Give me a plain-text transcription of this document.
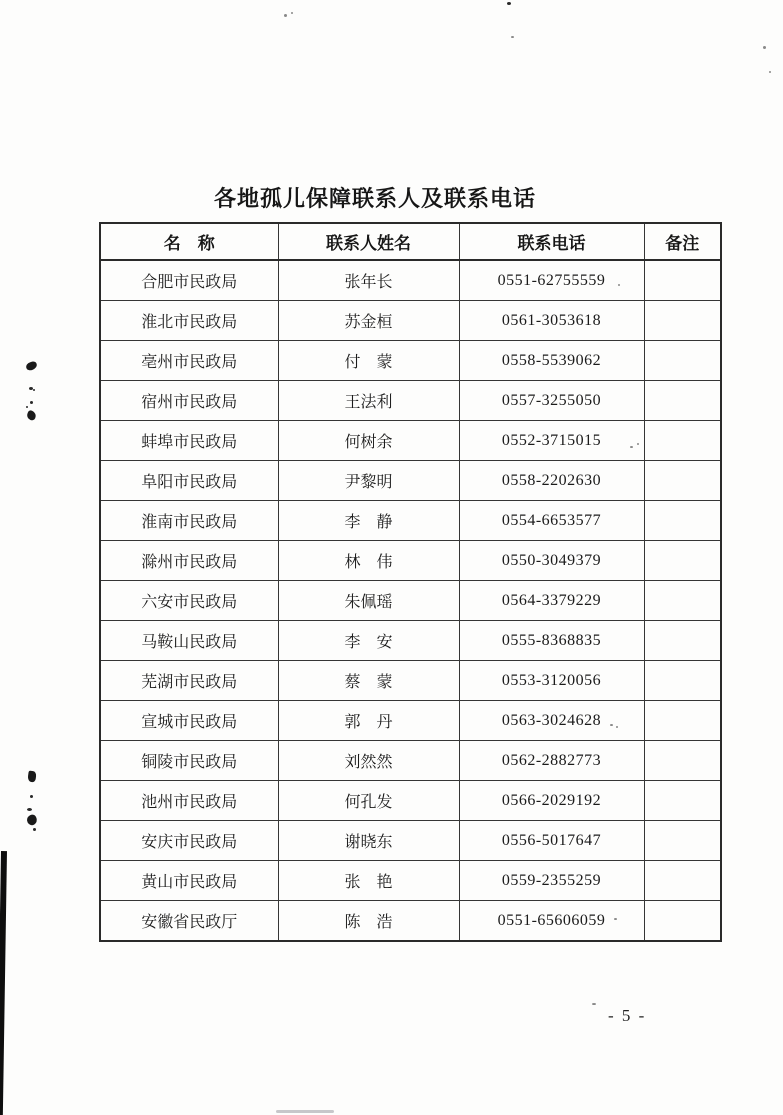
各地孤儿保障联系人及联系电话
名　称	联系人姓名	联系电话	备注
合肥市民政局	张年长	0551-62755559	
淮北市民政局	苏金桓	0561-3053618	
亳州市民政局	付　蒙	0558-5539062	
宿州市民政局	王法利	0557-3255050	
蚌埠市民政局	何树余	0552-3715015	
阜阳市民政局	尹黎明	0558-2202630	
淮南市民政局	李　静	0554-6653577	
滁州市民政局	林　伟	0550-3049379	
六安市民政局	朱佩瑶	0564-3379229	
马鞍山民政局	李　安	0555-8368835	
芜湖市民政局	蔡　蒙	0553-3120056	
宣城市民政局	郭　丹	0563-3024628	
铜陵市民政局	刘然然	0562-2882773	
池州市民政局	何孔发	0566-2029192	
安庆市民政局	谢晓东	0556-5017647	
黄山市民政局	张　艳	0559-2355259	
安徽省民政厅	陈　浩	0551-65606059	
- 5 -
